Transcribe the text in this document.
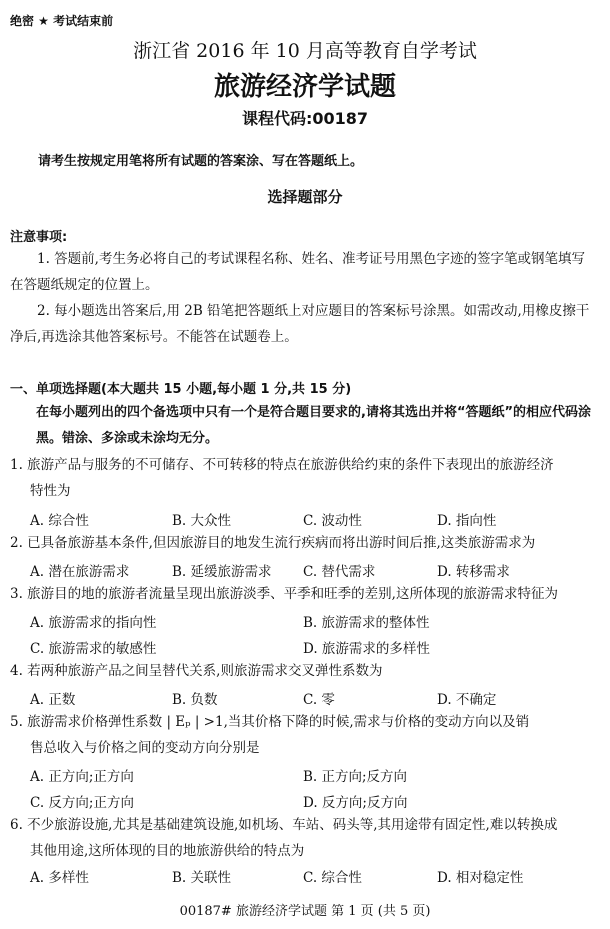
绝密 ★ 考试结束前
浙江省 2016 年 10 月高等教育自学考试
旅游经济学试题
课程代码:00187
请考生按规定用笔将所有试题的答案涂、写在答题纸上。
选择题部分
注意事项:
1. 答题前,考生务必将自己的考试课程名称、姓名、准考证号用黑色字迹的签字笔或钢笔填写在答题纸规定的位置上。
2. 每小题选出答案后,用 2B 铅笔把答题纸上对应题目的答案标号涂黑。如需改动,用橡皮擦干净后,再选涂其他答案标号。不能答在试题卷上。
一、单项选择题(本大题共 15 小题,每小题 1 分,共 15 分)
在每小题列出的四个备选项中只有一个是符合题目要求的,请将其选出并将“答题纸”的相应代码涂黑。错涂、多涂或未涂均无分。
1. 旅游产品与服务的不可储存、不可转移的特点在旅游供给约束的条件下表现出的旅游经济
特性为
A. 综合性	B. 大众性	C. 波动性	D. 指向性
2. 已具备旅游基本条件,但因旅游目的地发生流行疾病而将出游时间后推,这类旅游需求为
A. 潜在旅游需求	B. 延缓旅游需求 C. 替代需求	D. 转移需求
3. 旅游目的地的旅游者流量呈现出旅游淡季、平季和旺季的差别,这所体现的旅游需求特征为
A. 旅游需求的指向性	B. 旅游需求的整体性
C. 旅游需求的敏感性	D. 旅游需求的多样性
4. 若两种旅游产品之间呈替代关系,则旅游需求交叉弹性系数为
A. 正数	B. 负数	C. 零	D. 不确定
5. 旅游需求价格弹性系数 | Eₚ | >1,当其价格下降的时候,需求与价格的变动方向以及销
售总收入与价格之间的变动方向分别是
A. 正方向;正方向	B. 正方向;反方向
C. 反方向;正方向	D. 反方向;反方向
6. 不少旅游设施,尤其是基础建筑设施,如机场、车站、码头等,其用途带有固定性,难以转换成
其他用途,这所体现的目的地旅游供给的特点为
A. 多样性	B. 关联性	C. 综合性	D. 相对稳定性
00187# 旅游经济学试题 第 1 页 (共 5 页)
